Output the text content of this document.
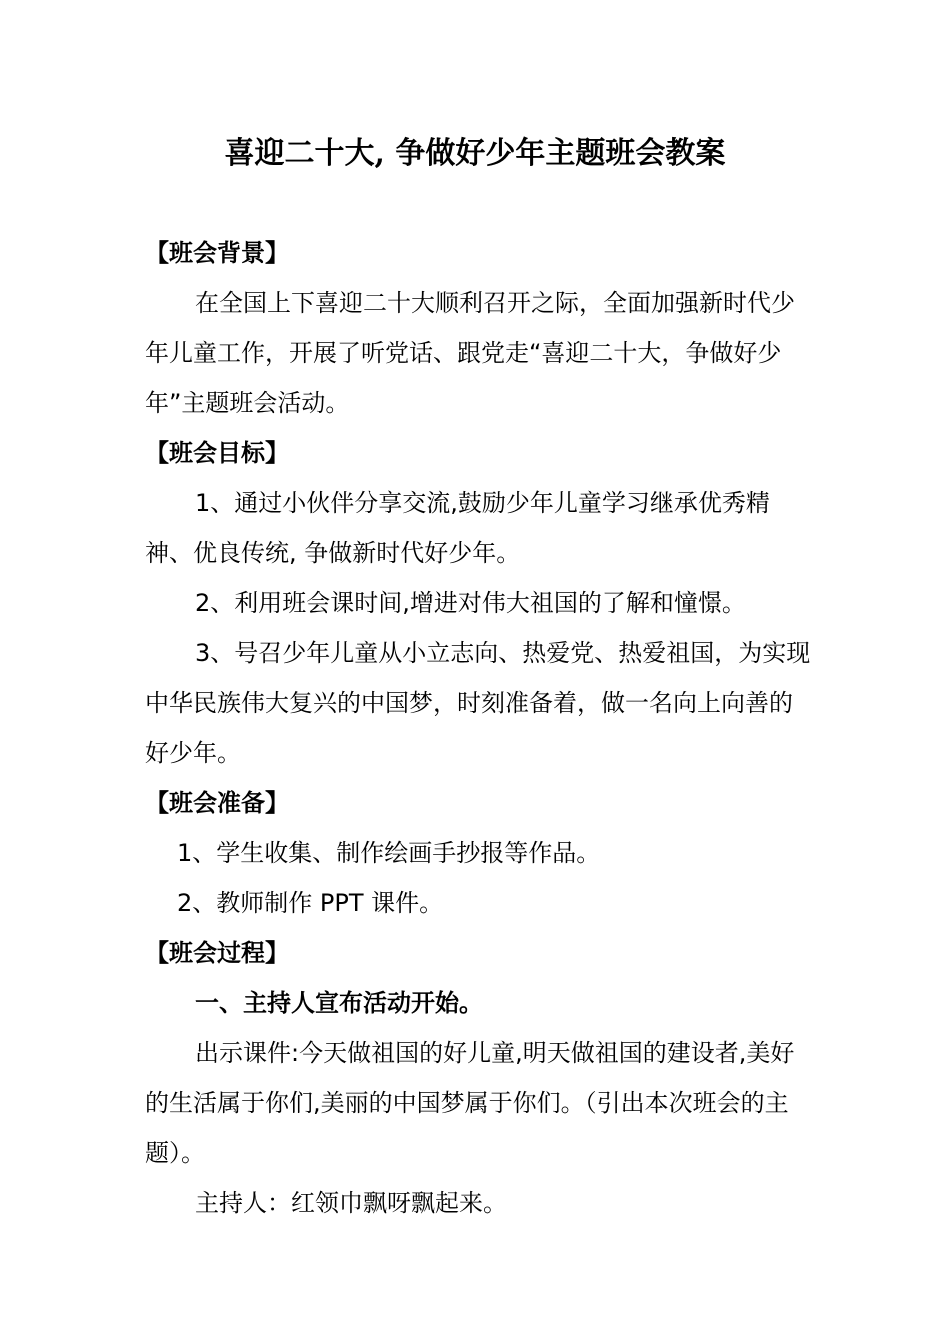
喜迎二十大, 争做好少年主题班会教案

【班会背景】

在全国上下喜迎二十大顺利召开之际，全面加强新时代少年儿童工作，开展了听党话、跟党走“喜迎二十大，争做好少年”主题班会活动。

【班会目标】

1、通过小伙伴分享交流,鼓励少年儿童学习继承优秀精神、优良传统, 争做新时代好少年。

2、利用班会课时间,增进对伟大祖国的了解和憧憬。

3、号召少年儿童从小立志向、热爱党、热爱祖国，为实现中华民族伟大复兴的中国梦，时刻准备着，做一名向上向善的好少年。

【班会准备】

1、学生收集、制作绘画手抄报等作品。

2、教师制作 PPT 课件。

【班会过程】

一、主持人宣布活动开始。

出示课件:今天做祖国的好儿童,明天做祖国的建设者,美好的生活属于你们,美丽的中国梦属于你们。（引出本次班会的主题）。

主持人：红领巾飘呀飘起来。
